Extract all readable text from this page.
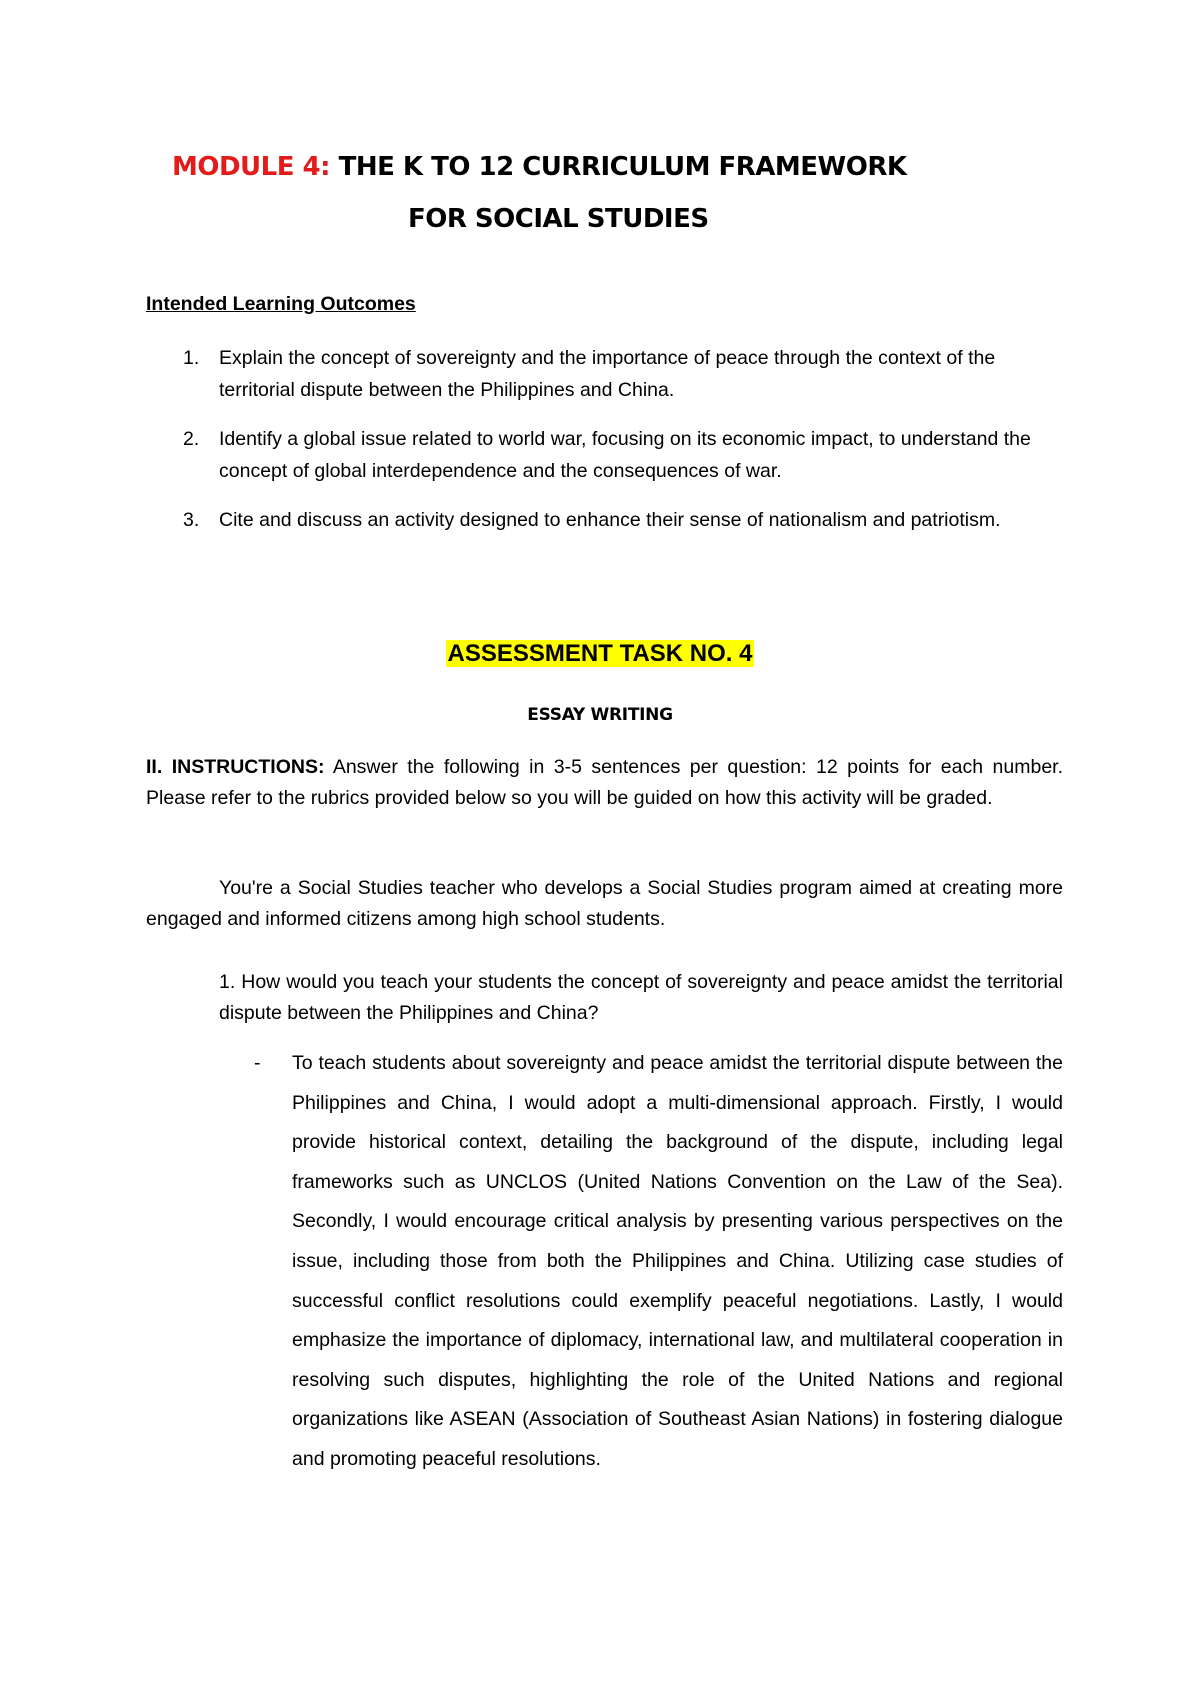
MODULE 4: THE K TO 12 CURRICULUM FRAMEWORK
FOR SOCIAL STUDIES
Intended Learning Outcomes
1. Explain the concept of sovereignty and the importance of peace through the context of the territorial dispute between the Philippines and China.
2. Identify a global issue related to world war, focusing on its economic impact, to understand the concept of global interdependence and the consequences of war.
3. Cite and discuss an activity designed to enhance their sense of nationalism and patriotism.
ASSESSMENT TASK NO. 4
ESSAY WRITING
II. INSTRUCTIONS: Answer the following in 3-5 sentences per question: 12 points for each number. Please refer to the rubrics provided below so you will be guided on how this activity will be graded.
You're a Social Studies teacher who develops a Social Studies program aimed at creating more engaged and informed citizens among high school students.
1. How would you teach your students the concept of sovereignty and peace amidst the territorial dispute between the Philippines and China?
- To teach students about sovereignty and peace amidst the territorial dispute between the Philippines and China, I would adopt a multi-dimensional approach. Firstly, I would provide historical context, detailing the background of the dispute, including legal frameworks such as UNCLOS (United Nations Convention on the Law of the Sea). Secondly, I would encourage critical analysis by presenting various perspectives on the issue, including those from both the Philippines and China. Utilizing case studies of successful conflict resolutions could exemplify peaceful negotiations. Lastly, I would emphasize the importance of diplomacy, international law, and multilateral cooperation in resolving such disputes, highlighting the role of the United Nations and regional organizations like ASEAN (Association of Southeast Asian Nations) in fostering dialogue and promoting peaceful resolutions.
